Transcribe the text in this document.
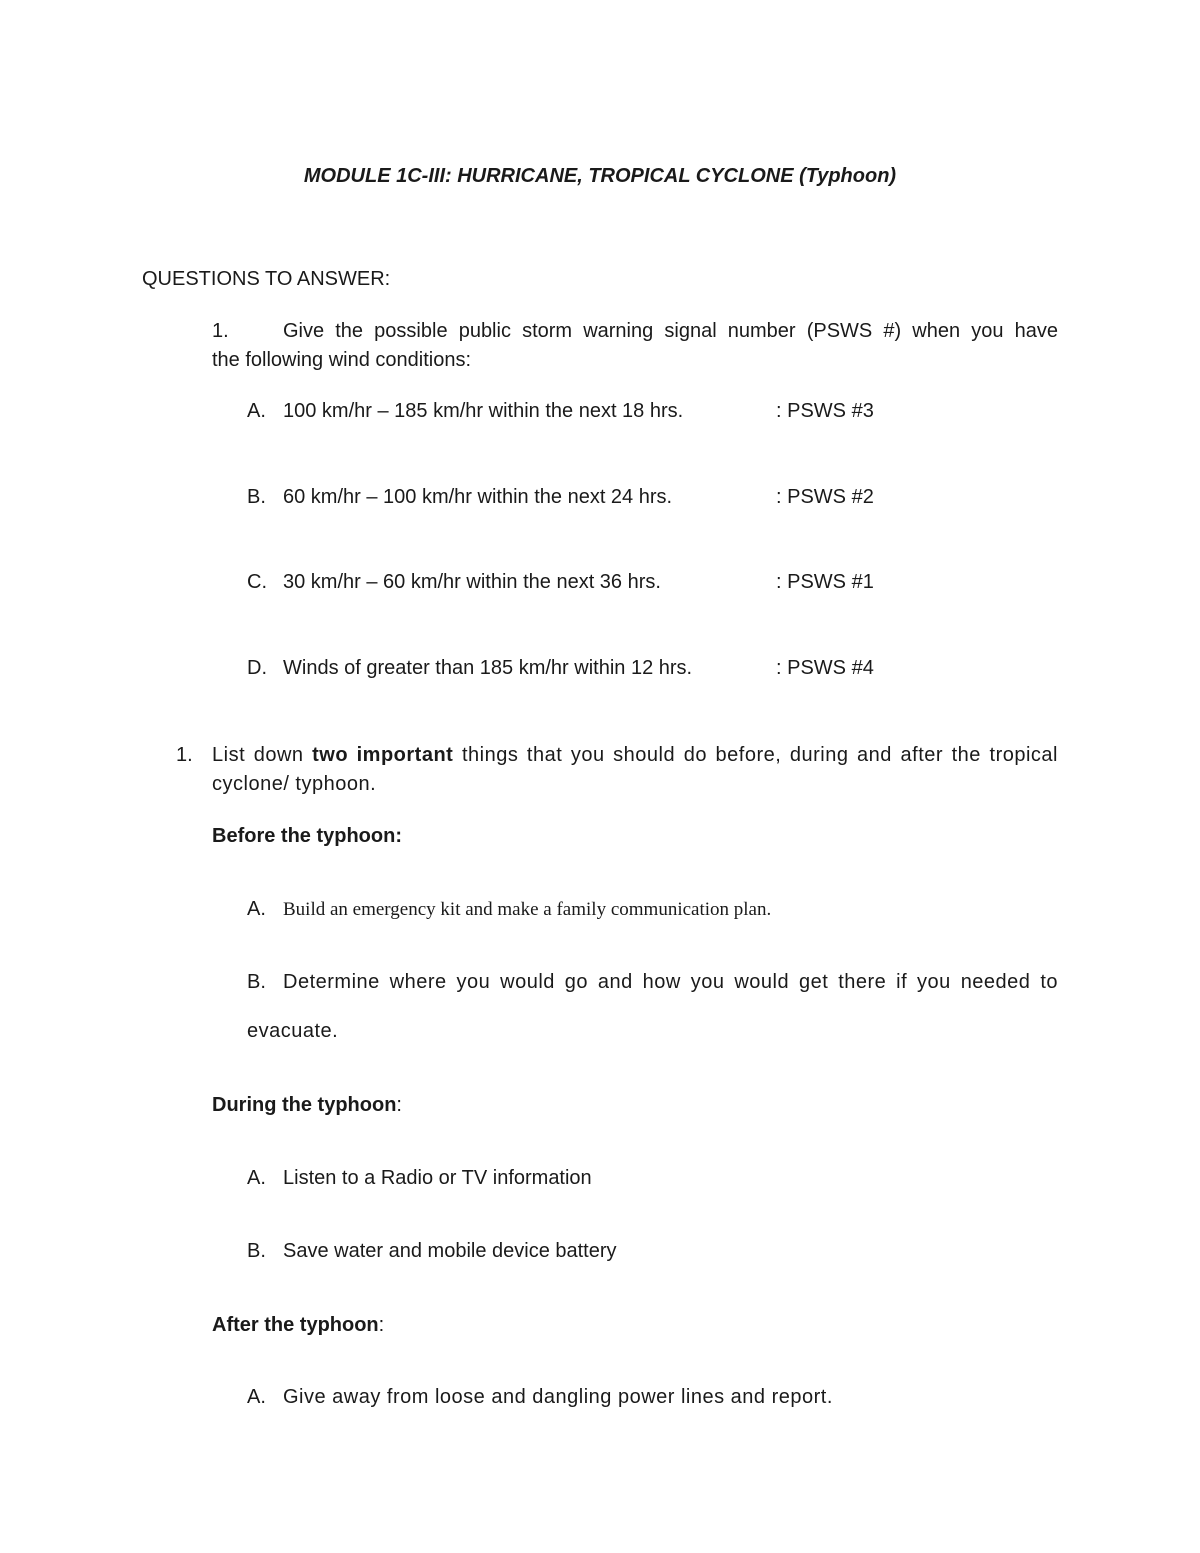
MODULE 1C-III: HURRICANE, TROPICAL CYCLONE (Typhoon)
QUESTIONS TO ANSWER:
1.	Give the possible public storm warning signal number (PSWS #) when you have
the following wind conditions:
A. 100 km/hr – 185 km/hr within the next 18 hrs.	: PSWS #3
B. 60 km/hr – 100 km/hr within the next 24 hrs.	: PSWS #2
C. 30 km/hr – 60 km/hr within the next 36 hrs.	: PSWS #1
D. Winds of greater than 185 km/hr within 12 hrs.	: PSWS #4
1. List down two important things that you should do before, during and after the tropical
cyclone/ typhoon.
Before the typhoon:
A. Build an emergency kit and make a family communication plan.
B. Determine where you would go and how you would get there if you needed to
evacuate.
During the typhoon:
A. Listen to a Radio or TV information
B. Save water and mobile device battery
After the typhoon:
A. Give away from loose and dangling power lines and report.
